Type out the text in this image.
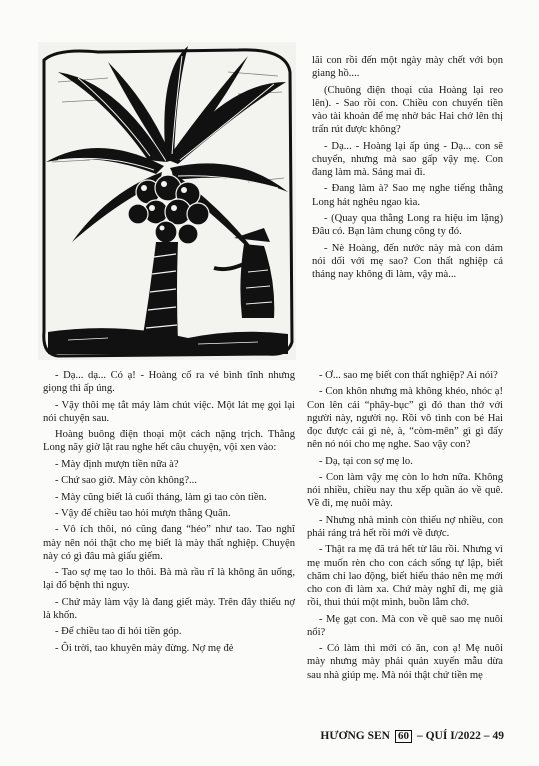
lãi con rồi đến một ngày mày chết với bọn giang hồ....

(Chuông điện thoại của Hoàng lại reo lên). - Sao rồi con. Chiều con chuyển tiền vào tài khoản để mẹ nhờ bác Hai chở lên thị trấn rút được không?

- Dạ... - Hoàng lại ấp úng - Dạ... con sẽ chuyển, nhưng mà sao gấp vậy mẹ. Con đang làm mà. Sáng mai đi.

- Đang làm à? Sao mẹ nghe tiếng thằng Long hát nghêu ngao kìa.

- (Quay qua thằng Long ra hiệu im lặng) Đâu có. Bạn làm chung công ty đó.

- Nè Hoàng, đến nước này mà con dám nói dối với mẹ sao? Con thất nghiệp cả tháng nay không đi làm, vậy mà...

- Dạ... dạ... Có ạ! - Hoàng cố ra vẻ bình tĩnh nhưng giọng thì ấp úng.

- Vậy thôi mẹ tắt máy làm chút việc. Một lát mẹ gọi lại nói chuyện sau.

Hoàng buông điện thoại một cách nặng trịch. Thằng Long nãy giờ lặt rau nghe hết câu chuyện, vội xen vào:

- Mày định mượn tiền nữa à?

- Chứ sao giờ. Mày còn không?...

- Mày cũng biết là cuối tháng, làm gì tao còn tiền.

- Vậy để chiều tao hỏi mượn thằng Quân.

- Vô ích thôi, nó cũng đang “héo” như tao. Tao nghĩ mày nên nói thật cho mẹ biết là mày thất nghiệp. Chuyện này có gì đâu mà giấu giếm.

- Tao sợ mẹ tao lo thôi. Bà mà rầu rĩ là không ăn uống, lại đổ bệnh thì nguy.

- Chứ mày làm vậy là đang giết mày. Trên đây thiếu nợ là khốn.

- Để chiều tao đi hỏi tiền góp.

- Ôi trời, tao khuyên mày đừng. Nợ mẹ đẻ

- Ơ... sao mẹ biết con thất nghiệp? Ai nói?

- Con khôn nhưng mà không khéo, nhóc ạ! Con lên cái “phây-bục” gì đó than thở với người này, người nọ. Rồi vô tình con bé Hai đọc được cái gì nè, à, “còm-mên” gì gì đấy nên nó nói cho mẹ nghe. Sao vậy con?

- Dạ, tại con sợ mẹ lo.

- Con làm vậy mẹ còn lo hơn nữa. Không nói nhiều, chiều nay thu xếp quần áo về quê. Về đi, mẹ nuôi mày.

- Nhưng nhà mình còn thiếu nợ nhiều, con phải ráng trả hết rồi mới về được.

- Thật ra mẹ đã trả hết từ lâu rồi. Nhưng vì mẹ muốn rèn cho con cách sống tự lập, biết chăm chỉ lao động, biết hiểu thảo nên mẹ mới cho con đi làm xa. Chứ mày nghĩ đi, mẹ già rồi, thui thủi một mình, buồn lắm chớ.

- Mẹ gạt con. Mà con về quê sao mẹ nuôi nổi?

- Có làm thì mới có ăn, con ạ! Mẹ nuôi mày nhưng mày phải quản xuyến mẫu dừa sau nhà giúp mẹ. Mà nói thật chứ tiền mẹ

HƯƠNG SEN 60 – QUÍ I/2022 – 49
